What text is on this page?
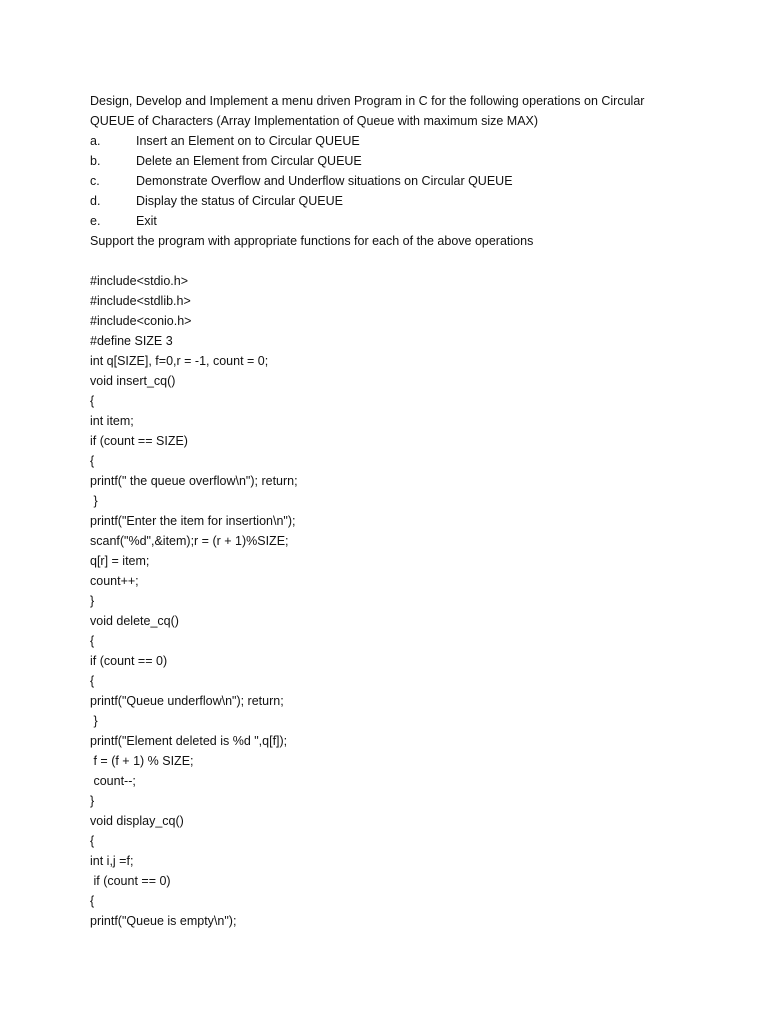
Design, Develop and Implement a menu driven Program in C for the following operations on Circular
QUEUE of Characters (Array Implementation of Queue with maximum size MAX)
a.	Insert an Element on to Circular QUEUE
b.	Delete an Element from Circular QUEUE
c.	Demonstrate Overflow and Underflow situations on Circular QUEUE
d.	Display the status of Circular QUEUE
e.	Exit
Support the program with appropriate functions for each of the above operations
#include<stdio.h>
#include<stdlib.h>
#include<conio.h>
#define SIZE 3
int q[SIZE], f=0,r = -1, count = 0;
void insert_cq()
{
int item;
if (count == SIZE)
{
printf(" the queue overflow\n"); return;
}
printf("Enter the item for insertion\n");
scanf("%d",&item);r = (r + 1)%SIZE;
q[r] = item;
count++;
}
void delete_cq()
{
if (count == 0)
{
printf("Queue underflow\n"); return;
}
printf("Element deleted is %d ",q[f]);
f = (f + 1) % SIZE;
count--;
}
void display_cq()
{
int i,j =f;
if (count == 0)
{
printf("Queue is empty\n");
